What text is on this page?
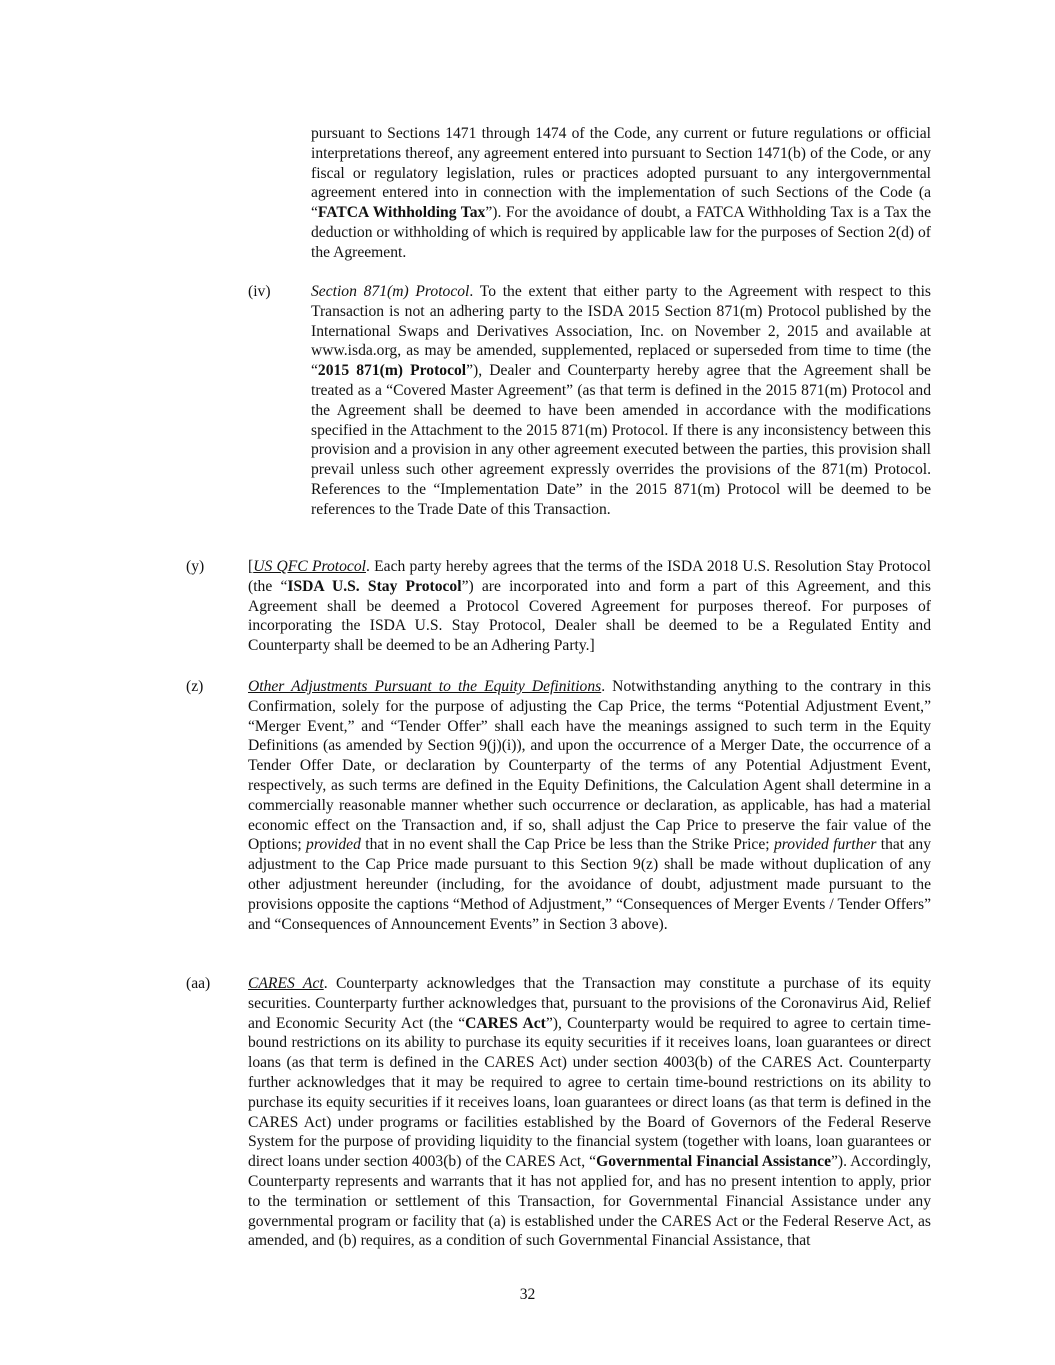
pursuant to Sections 1471 through 1474 of the Code, any current or future regulations or official interpretations thereof, any agreement entered into pursuant to Section 1471(b) of the Code, or any fiscal or regulatory legislation, rules or practices adopted pursuant to any intergovernmental agreement entered into in connection with the implementation of such Sections of the Code (a “FATCA Withholding Tax”). For the avoidance of doubt, a FATCA Withholding Tax is a Tax the deduction or withholding of which is required by applicable law for the purposes of Section 2(d) of the Agreement.

(iv)	Section 871(m) Protocol. To the extent that either party to the Agreement with respect to this Transaction is not an adhering party to the ISDA 2015 Section 871(m) Protocol published by the International Swaps and Derivatives Association, Inc. on November 2, 2015 and available at www.isda.org, as may be amended, supplemented, replaced or superseded from time to time (the “2015 871(m) Protocol”), Dealer and Counterparty hereby agree that the Agreement shall be treated as a “Covered Master Agreement” (as that term is defined in the 2015 871(m) Protocol and the Agreement shall be deemed to have been amended in accordance with the modifications specified in the Attachment to the 2015 871(m) Protocol. If there is any inconsistency between this provision and a provision in any other agreement executed between the parties, this provision shall prevail unless such other agreement expressly overrides the provisions of the 871(m) Protocol. References to the “Implementation Date” in the 2015 871(m) Protocol will be deemed to be references to the Trade Date of this Transaction.

(y)	[US QFC Protocol. Each party hereby agrees that the terms of the ISDA 2018 U.S. Resolution Stay Protocol (the “ISDA U.S. Stay Protocol”) are incorporated into and form a part of this Agreement, and this Agreement shall be deemed a Protocol Covered Agreement for purposes thereof. For purposes of incorporating the ISDA U.S. Stay Protocol, Dealer shall be deemed to be a Regulated Entity and Counterparty shall be deemed to be an Adhering Party.]

(z)	Other Adjustments Pursuant to the Equity Definitions. Notwithstanding anything to the contrary in this Confirmation, solely for the purpose of adjusting the Cap Price, the terms “Potential Adjustment Event,” “Merger Event,” and “Tender Offer” shall each have the meanings assigned to such term in the Equity Definitions (as amended by Section 9(j)(i)), and upon the occurrence of a Merger Date, the occurrence of a Tender Offer Date, or declaration by Counterparty of the terms of any Potential Adjustment Event, respectively, as such terms are defined in the Equity Definitions, the Calculation Agent shall determine in a commercially reasonable manner whether such occurrence or declaration, as applicable, has had a material economic effect on the Transaction and, if so, shall adjust the Cap Price to preserve the fair value of the Options; provided that in no event shall the Cap Price be less than the Strike Price; provided further that any adjustment to the Cap Price made pursuant to this Section 9(z) shall be made without duplication of any other adjustment hereunder (including, for the avoidance of doubt, adjustment made pursuant to the provisions opposite the captions “Method of Adjustment,” “Consequences of Merger Events / Tender Offers” and “Consequences of Announcement Events” in Section 3 above).

(aa) CARES Act. Counterparty acknowledges that the Transaction may constitute a purchase of its equity securities. Counterparty further acknowledges that, pursuant to the provisions of the Coronavirus Aid, Relief and Economic Security Act (the “CARES Act”), Counterparty would be required to agree to certain time-bound restrictions on its ability to purchase its equity securities if it receives loans, loan guarantees or direct loans (as that term is defined in the CARES Act) under section 4003(b) of the CARES Act. Counterparty further acknowledges that it may be required to agree to certain time-bound restrictions on its ability to purchase its equity securities if it receives loans, loan guarantees or direct loans (as that term is defined in the CARES Act) under programs or facilities established by the Board of Governors of the Federal Reserve System for the purpose of providing liquidity to the financial system (together with loans, loan guarantees or direct loans under section 4003(b) of the CARES Act, “Governmental Financial Assistance”). Accordingly, Counterparty represents and warrants that it has not applied for, and has no present intention to apply, prior to the termination or settlement of this Transaction, for Governmental Financial Assistance under any governmental program or facility that (a) is established under the CARES Act or the Federal Reserve Act, as amended, and (b) requires, as a condition of such Governmental Financial Assistance, that

32
